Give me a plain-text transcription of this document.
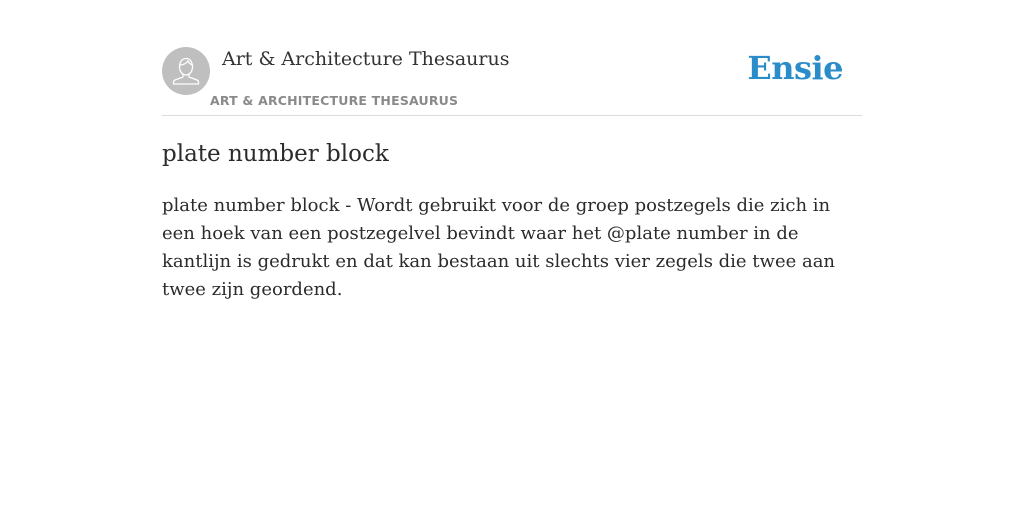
Art & Architecture Thesaurus
ART & ARCHITECTURE THESAURUS
Ensie
plate number block

plate number block - Wordt gebruikt voor de groep postzegels die zich in een hoek van een postzegelvel bevindt waar het @plate number in de kantlijn is gedrukt en dat kan bestaan uit slechts vier zegels die twee aan twee zijn geordend.
